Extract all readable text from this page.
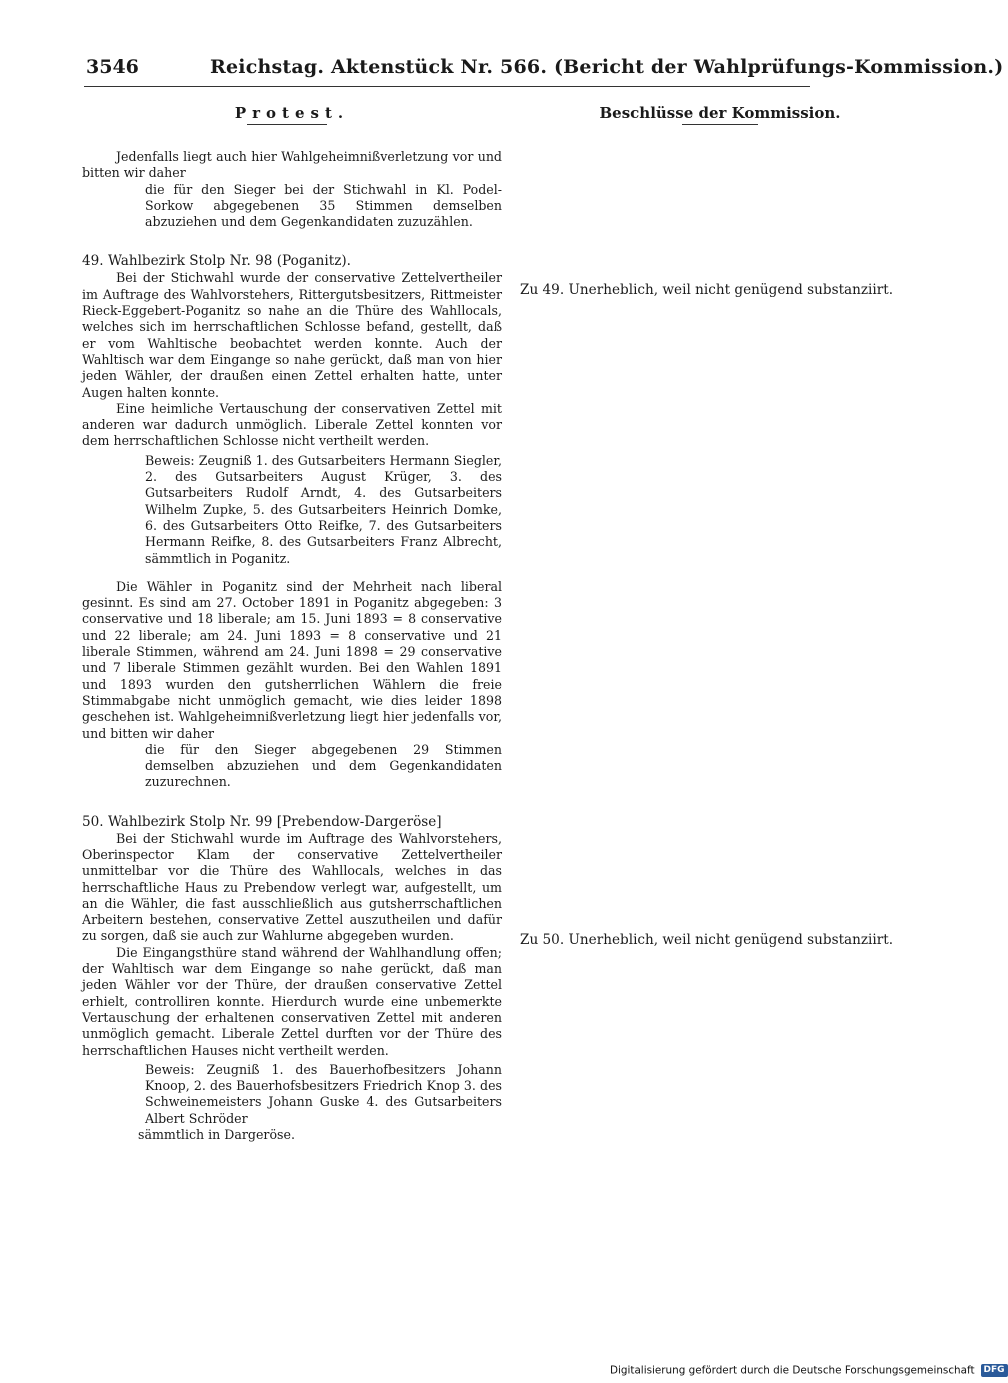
3546	Reichstag. Aktenstück Nr. 566. (Bericht der Wahlprüfungs-Kommission.)
Protest.

Jedenfalls liegt auch hier Wahlgeheimnißverletzung vor und bitten wir daher

die für den Sieger bei der Stichwahl in Kl. Podel-Sorkow abgegebenen 35 Stimmen demselben abzuziehen und dem Gegenkandidaten zuzuzählen.

49. Wahlbezirk Stolp Nr. 98 (Poganitz).

Bei der Stichwahl wurde der conservative Zettelvertheiler im Auftrage des Wahlvorstehers, Rittergutsbesitzers, Rittmeister Rieck-Eggebert-Poganitz so nahe an die Thüre des Wahllocals, welches sich im herrschaftlichen Schlosse befand, gestellt, daß er vom Wahltische beobachtet werden konnte. Auch der Wahltisch war dem Eingange so nahe gerückt, daß man von hier jeden Wähler, der draußen einen Zettel erhalten hatte, unter Augen halten konnte.

Eine heimliche Vertauschung der conservativen Zettel mit anderen war dadurch unmöglich. Liberale Zettel konnten vor dem herrschaftlichen Schlosse nicht vertheilt werden.

Beweis: Zeugniß 1. des Gutsarbeiters Hermann Siegler, 2. des Gutsarbeiters August Krüger, 3. des Gutsarbeiters Rudolf Arndt, 4. des Gutsarbeiters Wilhelm Zupke, 5. des Gutsarbeiters Heinrich Domke, 6. des Gutsarbeiters Otto Reifke, 7. des Gutsarbeiters Hermann Reifke, 8. des Gutsarbeiters Franz Albrecht, sämmtlich in Poganitz.

Die Wähler in Poganitz sind der Mehrheit nach liberal gesinnt. Es sind am 27. October 1891 in Poganitz abgegeben: 3 conservative und 18 liberale; am 15. Juni 1893 = 8 conservative und 22 liberale; am 24. Juni 1893 = 8 conservative und 21 liberale Stimmen, während am 24. Juni 1898 = 29 conservative und 7 liberale Stimmen gezählt wurden. Bei den Wahlen 1891 und 1893 wurden den gutsherrlichen Wählern die freie Stimmabgabe nicht unmöglich gemacht, wie dies leider 1898 geschehen ist. Wahlgeheimnißverletzung liegt hier jedenfalls vor, und bitten wir daher

die für den Sieger abgegebenen 29 Stimmen demselben abzuziehen und dem Gegenkandidaten zuzurechnen.

50. Wahlbezirk Stolp Nr. 99 [Prebendow-Dargeröse]

Bei der Stichwahl wurde im Auftrage des Wahlvorstehers, Oberinspector Klam der conservative Zettelvertheiler unmittelbar vor die Thüre des Wahllocals, welches in das herrschaftliche Haus zu Prebendow verlegt war, aufgestellt, um an die Wähler, die fast ausschließlich aus gutsherrschaftlichen Arbeitern bestehen, conservative Zettel auszutheilen und dafür zu sorgen, daß sie auch zur Wahlurne abgegeben wurden.

Die Eingangsthüre stand während der Wahlhandlung offen; der Wahltisch war dem Eingange so nahe gerückt, daß man jeden Wähler vor der Thüre, der draußen conservative Zettel erhielt, controlliren konnte. Hierdurch wurde eine unbemerkte Vertauschung der erhaltenen conservativen Zettel mit anderen unmöglich gemacht. Liberale Zettel durften vor der Thüre des herrschaftlichen Hauses nicht vertheilt werden.

Beweis: Zeugniß 1. des Bauerhofbesitzers Johann Knoop, 2. des Bauerhofsbesitzers Friedrich Knop 3. des Schweinemeisters Johann Guske 4. des Gutsarbeiters Albert Schröder

sämmtlich in Dargeröse.

Beschlüsse der Kommission.
Zu 49. Unerheblich, weil nicht genügend substanziirt.
Zu 50. Unerheblich, weil nicht genügend substanziirt.
Digitalisierung gefördert durch die Deutsche Forschungsgemeinschaft DFG
